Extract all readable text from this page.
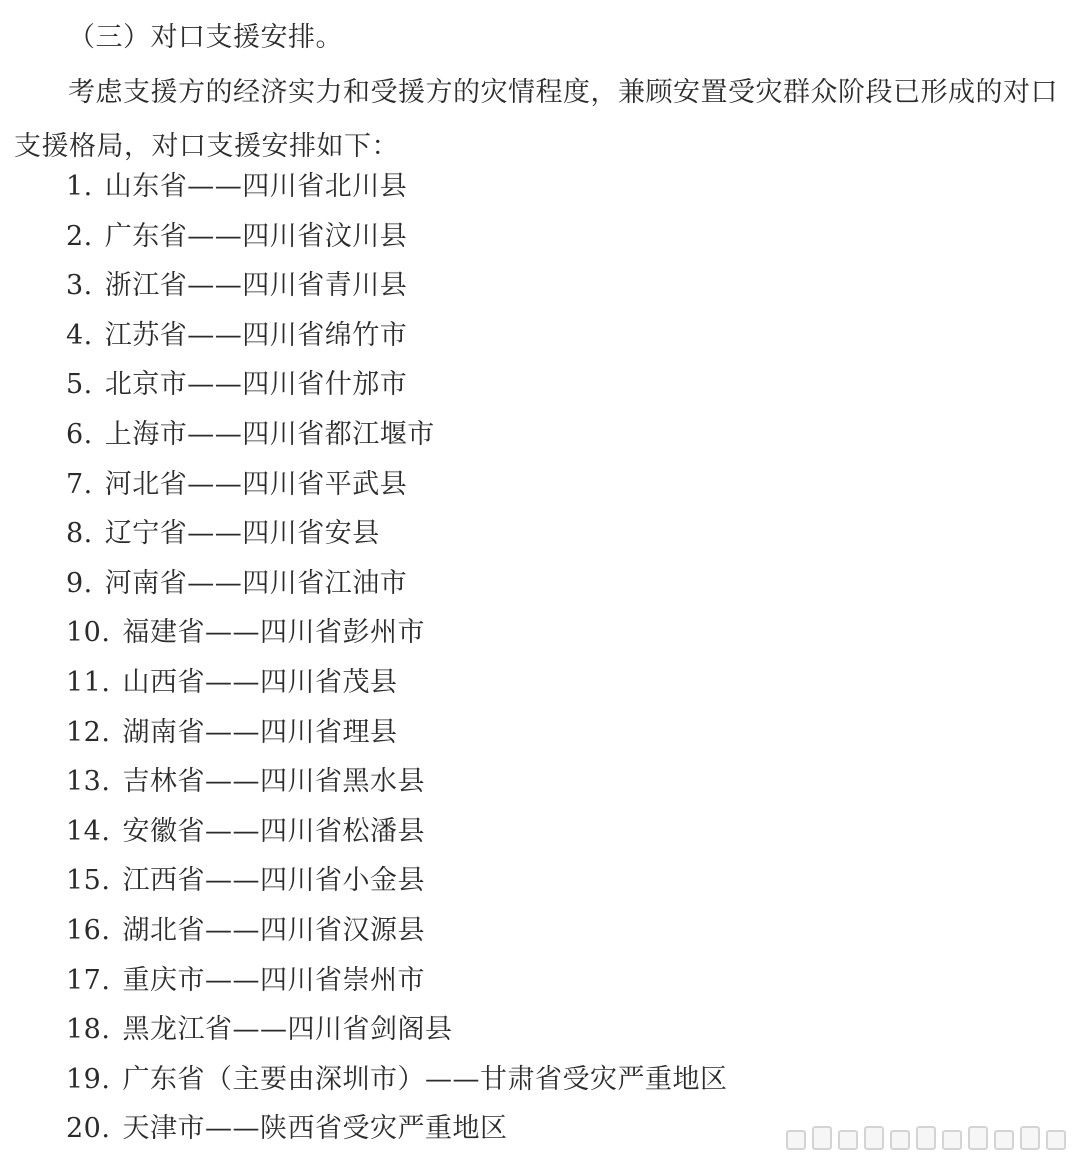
（三）对口支援安排。
考虑支援方的经济实力和受援方的灾情程度，兼顾安置受灾群众阶段已形成的对口支援格局，对口支援安排如下：
1. 山东省——四川省北川县
2. 广东省——四川省汶川县
3. 浙江省——四川省青川县
4. 江苏省——四川省绵竹市
5. 北京市——四川省什邡市
6. 上海市——四川省都江堰市
7. 河北省——四川省平武县
8. 辽宁省——四川省安县
9. 河南省——四川省江油市
10. 福建省——四川省彭州市
11. 山西省——四川省茂县
12. 湖南省——四川省理县
13. 吉林省——四川省黑水县
14. 安徽省——四川省松潘县
15. 江西省——四川省小金县
16. 湖北省——四川省汉源县
17. 重庆市——四川省崇州市
18. 黑龙江省——四川省剑阁县
19. 广东省（主要由深圳市）——甘肃省受灾严重地区
20. 天津市——陕西省受灾严重地区
